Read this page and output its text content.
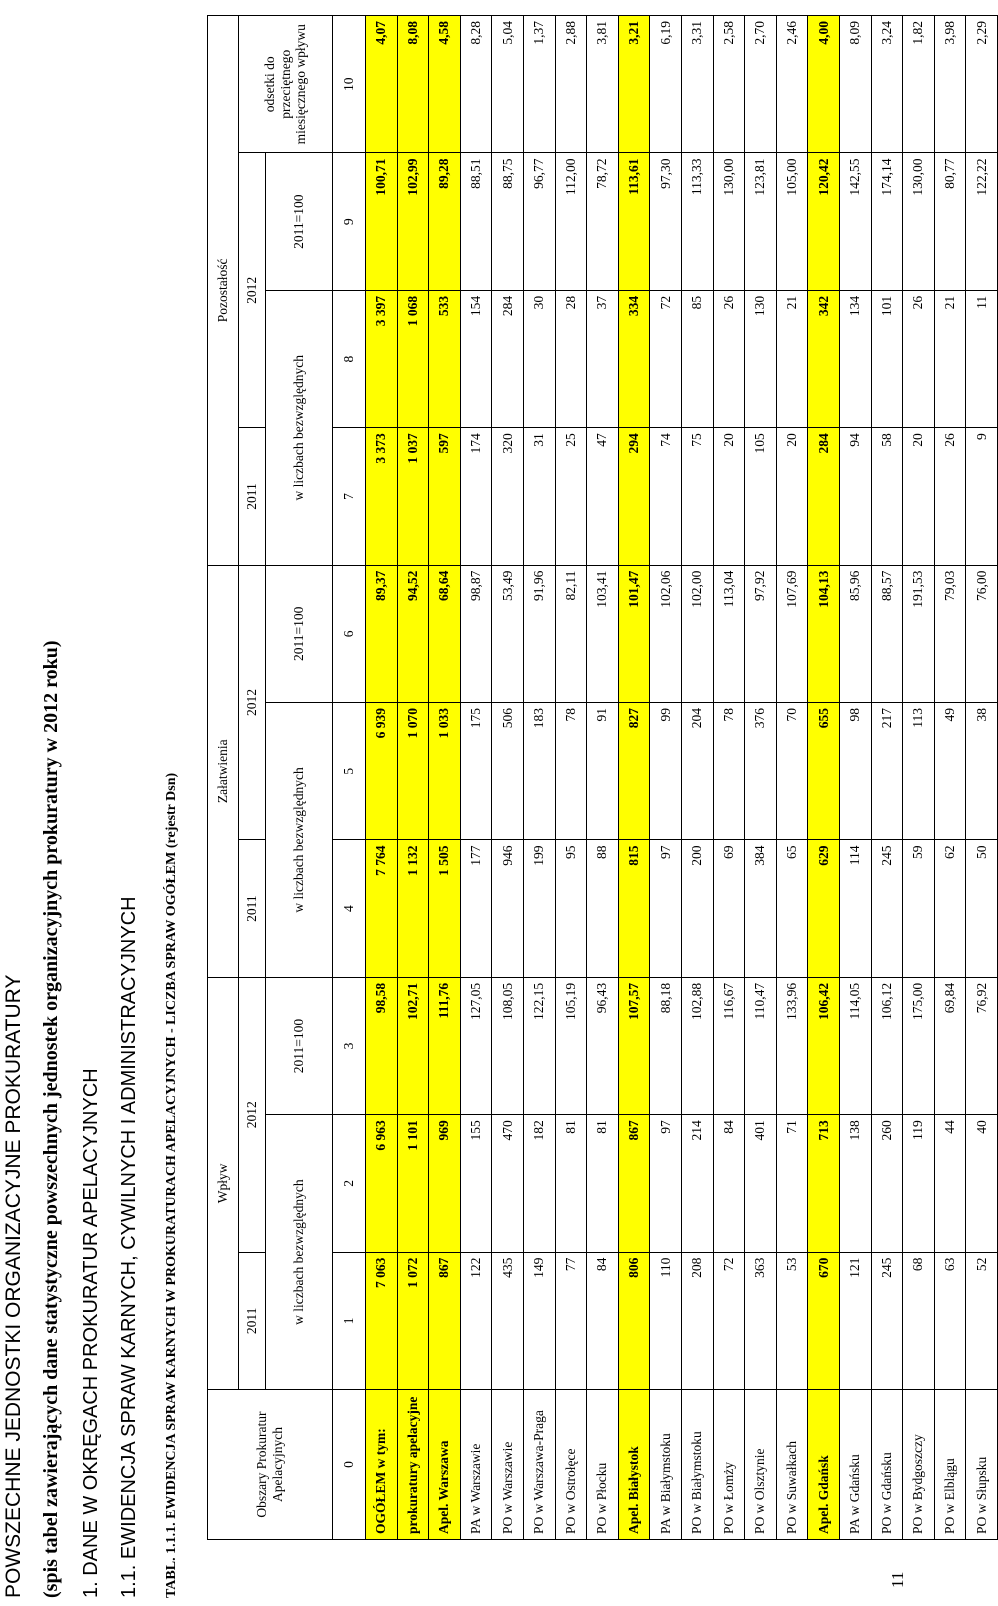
POWSZECHNE JEDNOSTKI ORGANIZACYJNE PROKURATURY (spis tabel zawierających dane statystyczne powszechnych jednostek organizacyjnych prokuratury w 2012 roku) 1. DANE W OKRĘGACH PROKURATUR APELACYJNYCH 1.1. EWIDENCJA SPRAW KARNYCH, CYWILNYCH I ADMINISTRACYJNYCH TABL. 1.1.1. EWIDENCJA SPRAW KARNYCH W PROKURATURACH APELACYJNYCH - LICZBA SPRAW OGÓŁEM (rejestr Dsn)	Obszary Prokuratur Apelacyjnych	Wpływ			Załatwienia			Pozostałość			
	2011	2012		2011	2012		2011	2012		odsetki do przeciętnego miesięcznego wpływu
	w liczbach bezwzględnych		2011=100	w liczbach bezwzględnych		2011=100	w liczbach bezwzględnych		2011=100	
0	1	2	3	4	5	6	7	8	9	10
OGÓŁEM w tym:	7 063	6 963	98,58	7 764	6 939	89,37	3 373	3 397	100,71	4,07
prokuratury apelacyjne	1 072	1 101	102,71	1 132	1 070	94,52	1 037	1 068	102,99	8,08
Apel. Warszawa	867	969	111,76	1 505	1 033	68,64	597	533	89,28	4,58
PA w Warszawie	122	155	127,05	177	175	98,87	174	154	88,51	8,28
PO w Warszawie	435	470	108,05	946	506	53,49	320	284	88,75	5,04
PO w Warszawa-Praga	149	182	122,15	199	183	91,96	31	30	96,77	1,37
PO w Ostrołęce	77	81	105,19	95	78	82,11	25	28	112,00	2,88
PO w Płocku	84	81	96,43	88	91	103,41	47	37	78,72	3,81
Apel. Białystok	806	867	107,57	815	827	101,47	294	334	113,61	3,21
PA w Białymstoku	110	97	88,18	97	99	102,06	74	72	97,30	6,19
PO w Białymstoku	208	214	102,88	200	204	102,00	75	85	113,33	3,31
PO w Łomży	72	84	116,67	69	78	113,04	20	26	130,00	2,58
PO w Olsztynie	363	401	110,47	384	376	97,92	105	130	123,81	2,70
PO w Suwałkach	53	71	133,96	65	70	107,69	20	21	105,00	2,46
Apel. Gdańsk	670	713	106,42	629	655	104,13	284	342	120,42	4,00
PA w Gdańsku	121	138	114,05	114	98	85,96	94	134	142,55	8,09
PO w Gdańsku	245	260	106,12	245	217	88,57	58	101	174,14	3,24
PO w Bydgoszczy	68	119	175,00	59	113	191,53	20	26	130,00	1,82
PO w Elblągu	63	44	69,84	62	49	79,03	26	21	80,77	3,98
PO w Słupsku	52	40	76,92	50	38	76,00	9	11	122,22	2,29
11
